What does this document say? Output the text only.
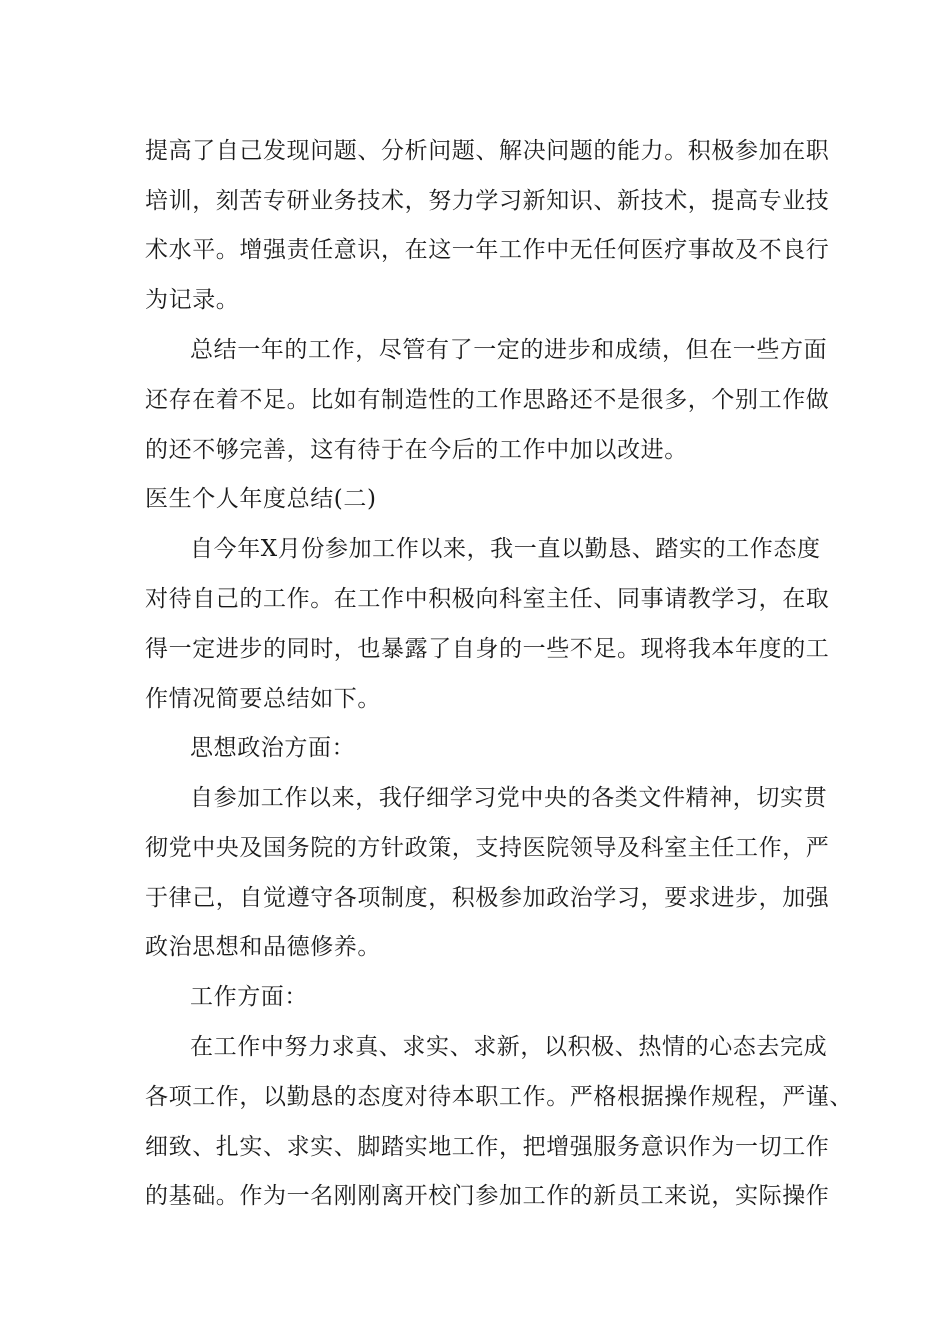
提高了自己发现问题、分析问题、解决问题的能力。积极参加在职
培训，刻苦专研业务技术，努力学习新知识、新技术，提高专业技
术水平。增强责任意识，在这一年工作中无任何医疗事故及不良行
为记录。
总结一年的工作，尽管有了一定的进步和成绩，但在一些方面
还存在着不足。比如有制造性的工作思路还不是很多，个别工作做
的还不够完善，这有待于在今后的工作中加以改进。
医生个人年度总结(二)
自今年X月份参加工作以来，我一直以勤恳、踏实的工作态度
对待自己的工作。在工作中积极向科室主任、同事请教学习，在取
得一定进步的同时，也暴露了自身的一些不足。现将我本年度的工
作情况简要总结如下。
思想政治方面：
自参加工作以来，我仔细学习党中央的各类文件精神，切实贯
彻党中央及国务院的方针政策，支持医院领导及科室主任工作，严
于律己，自觉遵守各项制度，积极参加政治学习，要求进步，加强
政治思想和品德修养。
工作方面：
在工作中努力求真、求实、求新，以积极、热情的心态去完成
各项工作，以勤恳的态度对待本职工作。严格根据操作规程，严谨、
细致、扎实、求实、脚踏实地工作，把增强服务意识作为一切工作
的基础。作为一名刚刚离开校门参加工作的新员工来说，实际操作
